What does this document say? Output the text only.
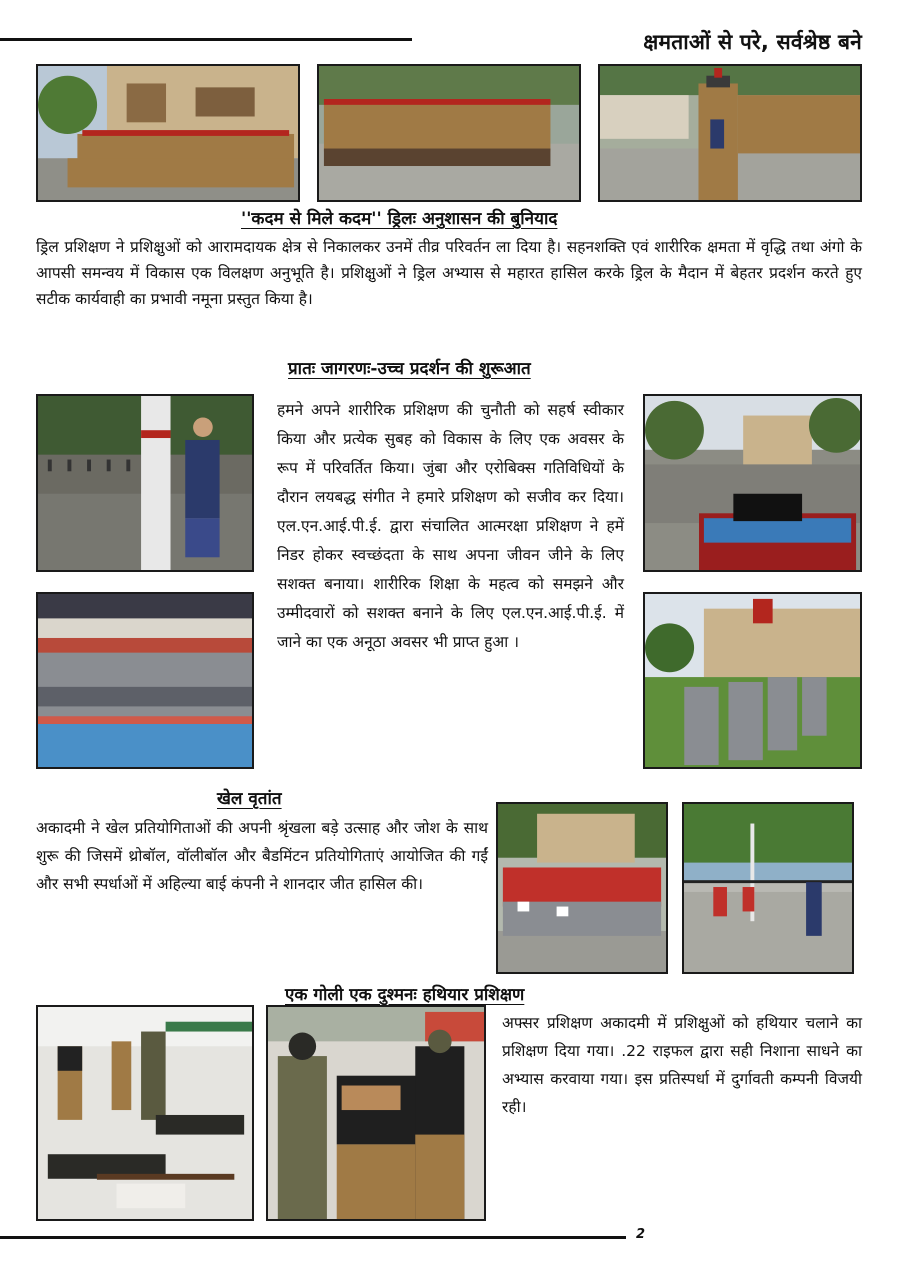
क्षमताओं से परे, सर्वश्रेष्ठ बने
''कदम से मिले कदम'' ड्रिलः अनुशासन की बुनियाद

ड्रिल प्रशिक्षण ने प्रशिक्षुओं को आरामदायक क्षेत्र से निकालकर उनमें तीव्र परिवर्तन ला दिया है। सहनशक्ति एवं शारीरिक क्षमता में वृद्धि तथा अंगो के आपसी समन्वय में विकास एक विलक्षण अनुभूति है। प्रशिक्षुओं ने ड्रिल अभ्यास से महारत हासिल करके ड्रिल के मैदान में बेहतर प्रदर्शन करते हुए सटीक कार्यवाही का प्रभावी नमूना प्रस्तुत किया है।

प्रातः जागरणः-उच्च प्रदर्शन की शुरूआत

हमने अपने शारीरिक प्रशिक्षण की चुनौती को सहर्ष स्वीकार किया और प्रत्येक सुबह को विकास के लिए एक अवसर के रूप में परिवर्तित किया। जुंबा और एरोबिक्स गतिविधियों के दौरान लयबद्ध संगीत ने हमारे प्रशिक्षण को सजीव कर दिया। एल.एन.आई.पी.ई. द्वारा संचालित आत्मरक्षा प्रशिक्षण ने हमें निडर होकर स्वच्छंदता के साथ अपना जीवन जीने के लिए सशक्त बनाया। शारीरिक शिक्षा के महत्व को समझने और उम्मीदवारों को सशक्त बनाने के लिए एल.एन.आई.पी.ई. में जाने का एक अनूठा अवसर भी प्राप्त हुआ ।

खेल वृतांत

अकादमी ने खेल प्रतियोगिताओं की अपनी श्रृंखला बड़े उत्साह और जोश के साथ शुरू की जिसमें थ्रोबॉल, वॉलीबॉल और बैडमिंटन प्रतियोगिताएं आयोजित की गईं और सभी स्पर्धाओं में अहिल्या बाई कंपनी ने शानदार जीत हासिल की।

एक गोली एक दुश्मनः हथियार प्रशिक्षण

अफ्सर प्रशिक्षण अकादमी में प्रशिक्षुओं को हथियार चलाने का प्रशिक्षण दिया गया। .22 राइफल द्वारा सही निशाना साधने का अभ्यास करवाया गया। इस प्रतिस्पर्धा में दुर्गावती कम्पनी विजयी रही।

2
